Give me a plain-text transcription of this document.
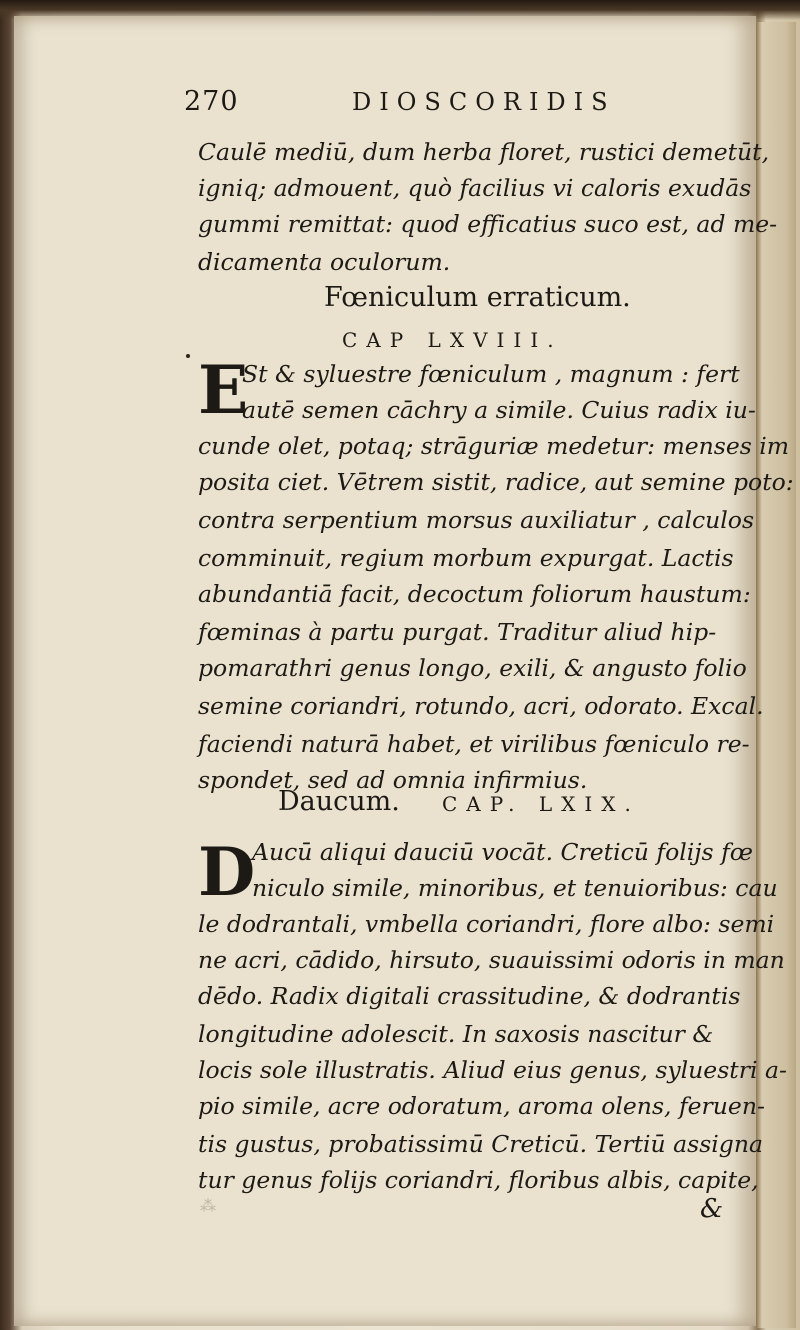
270	DIOSCORIDIS
Caulē mediū, dum herba floret, rustici demetūt,
igniq; admouent, quò facilius vi caloris exudās
gummi remittat: quod efficatius suco est, ad me-
dicamenta oculorum.
Fœniculum erraticum.
CAP LXVIII.
E
St & syluestre fœniculum , magnum : fert
autē semen cāchry a simile. Cuius radix iu-
cunde olet, potaq; strāguriæ medetur: menses im
posita ciet. Vētrem sistit, radice, aut semine poto:
contra serpentium morsus auxiliatur , calculos
comminuit, regium morbum expurgat. Lactis
abundantiā facit, decoctum foliorum haustum:
fœminas à partu purgat. Traditur aliud hip-
pomarathri genus longo, exili, & angusto folio
semine coriandri, rotundo, acri, odorato. Excal.
faciendi naturā habet, et virilibus fœniculo re-
spondet, sed ad omnia infirmius.
Daucum. CAP. LXIX.
D
Aucū aliqui dauciū vocāt. Creticū folijs fœ
niculo simile, minoribus, et tenuioribus: cau
le dodrantali, vmbella coriandri, flore albo: semi
ne acri, cādido, hirsuto, suauissimi odoris in man
dēdo. Radix digitali crassitudine, & dodrantis
longitudine adolescit. In saxosis nascitur &
locis sole illustratis. Aliud eius genus, syluestri a-
pio simile, acre odoratum, aroma olens, feruen-
tis gustus, probatissimū Creticū. Tertiū assigna
tur genus folijs coriandri, floribus albis, capite,
⁂	&
